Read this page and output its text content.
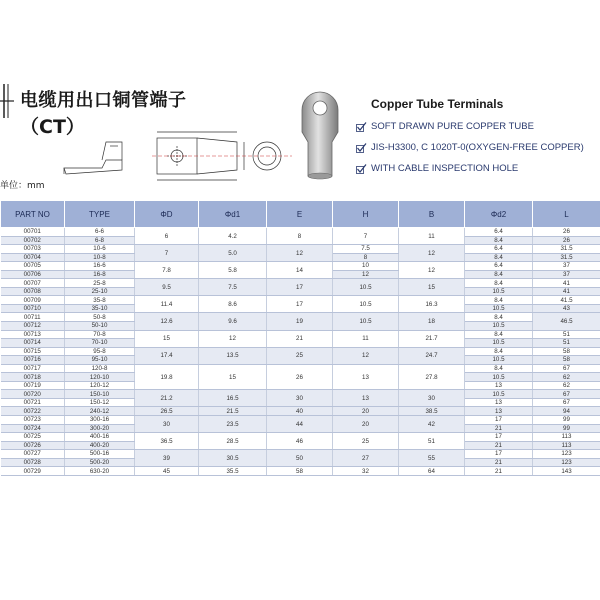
电缆用出口铜管端子
（CT）
单位：mm
Copper Tube Terminals
SOFT DRAWN PURE COPPER TUBE
JIS-H3300, C 1020T-0(OXYGEN-FREE COPPER)
WITH CABLE INSPECTION HOLE
PART NO	TYPE	ΦD	Φd1	E	H	B	Φd2	L
00701	6-6	6	4.2	8	7	11	6.4	26
00702	6-8						8.4	26
00703	10-6	7	5.0	12	7.5	12	6.4	31.5
00704	10-8				8		8.4	31.5
00705	16-6	7.8	5.8	14	10	12	6.4	37
00706	16-8				12		8.4	37
00707	25-8	9.5	7.5	17	10.5	15	8.4	41
00708	25-10						10.5	41
00709	35-8	11.4	8.6	17	10.5	16.3	8.4	41.5
00710	35-10						10.5	43
00711	50-8	12.6	9.6	19	10.5	18	8.4	46.5
00712	50-10						10.5	
00713	70-8	15	12	21	11	21.7	8.4	51
00714	70-10						10.5	51
00715	95-8	17.4	13.5	25	12	24.7	8.4	58
00716	95-10						10.5	58
00717	120-8	19.8	15	26	13	27.8	8.4	67
00718	120-10						10.5	62
00719	120-12						13	62
00720	150-10	21.2	16.5	30	13	30	10.5	67
00721	150-12						13	67
00722	240-12	26.5	21.5	40	20	38.5	13	94
00723	300-16	30	23.5	44	20	42	17	99
00724	300-20						21	99
00725	400-16	36.5	28.5	46	25	51	17	113
00726	400-20						21	113
00727	500-16	39	30.5	50	27	55	17	123
00728	500-20						21	123
00729	630-20	45	35.5	58	32	64	21	143
